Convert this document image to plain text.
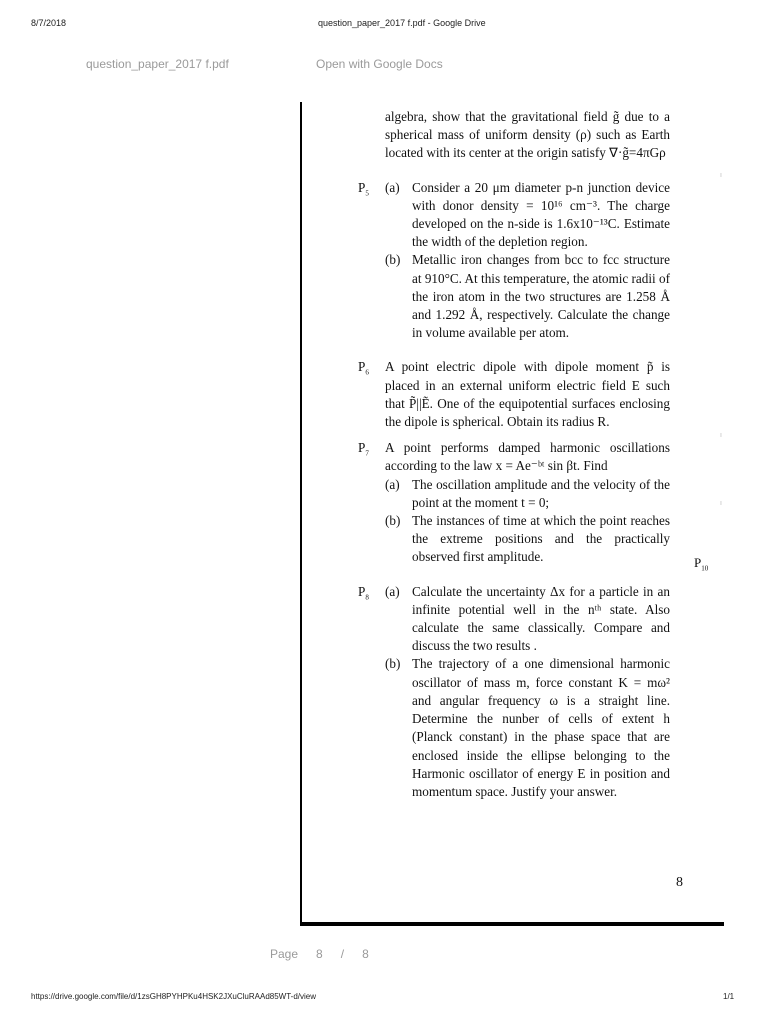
8/7/2018	question_paper_2017 f.pdf - Google Drive
question_paper_2017 f.pdf	Open with Google Docs
algebra, show that the gravitational field g̃ due to a spherical mass of uniform density (ρ) such as Earth located with its center at the origin satisfy ∇·g̃=4πGρ
$P_5$	(a) Consider a 20 μm diameter p-n junction device with donor density = 10¹⁶ cm⁻³. The charge developed on the n-side is 1.6x10⁻¹³C. Estimate the width of the depletion region.
(b) Metallic iron changes from bcc to fcc structure at 910°C. At this temperature, the atomic radii of the iron atom in the two structures are 1.258 Å and 1.292 Å, respectively. Calculate the change in volume available per atom.
$P_6$	A point electric dipole with dipole moment p̃ is placed in an external uniform electric field E such that P̃||Ẽ. One of the equipotential surfaces enclosing the dipole is spherical. Obtain its radius R.
$P_7$	A point performs damped harmonic oscillations according to the law x = Ae⁻ᵇᵗ sin βt. Find
(a) The oscillation amplitude and the velocity of the point at the moment t = 0;
(b) The instances of time at which the point reaches the extreme positions and the practically observed first amplitude.
$P_8$	(a) Calculate the uncertainty Δx for a particle in an infinite potential well in the nᵗʰ state. Also calculate the same classically. Compare and discuss the two results .
(b) The trajectory of a one dimensional harmonic oscillator of mass m, force constant K = mω² and angular frequency ω is a straight line. Determine the nunber of cells of extent h (Planck constant) in the phase space that are enclosed inside the ellipse belonging to the Harmonic oscillator of energy E in position and momentum space. Justify your answer.
8
$P_{10}$
ı
ı
ı
Page 8 / 8
https://drive.google.com/file/d/1zsGH8PYHPKu4HSK2JXuCluRAAd85WT-d/view	1/1
